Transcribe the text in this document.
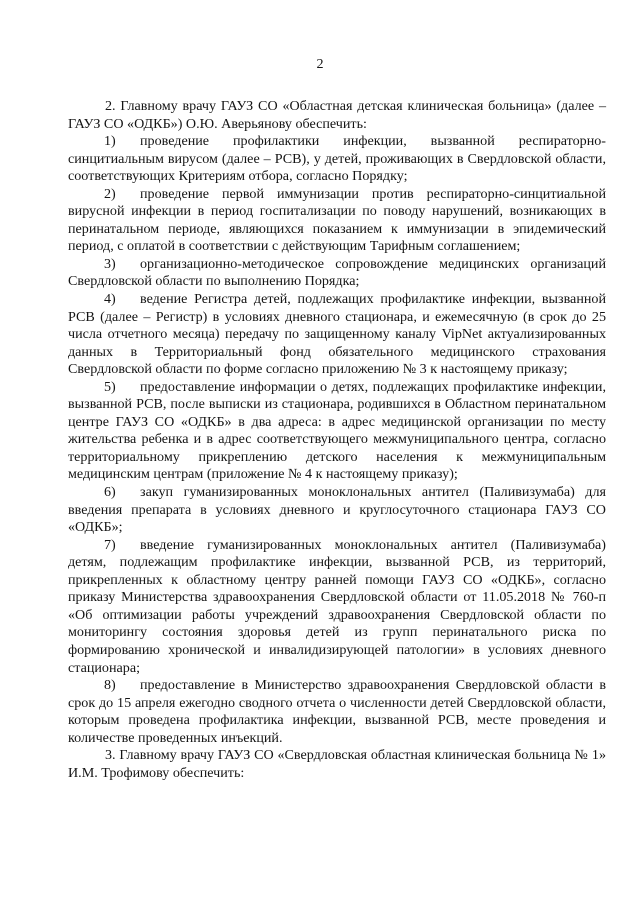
2

2. Главному врачу ГАУЗ СО «Областная детская клиническая больница» (далее – ГАУЗ СО «ОДКБ») О.Ю. Аверьянову обеспечить:

1) проведение профилактики инфекции, вызванной респираторно-синцитиальным вирусом (далее – РСВ), у детей, проживающих в Свердловской области, соответствующих Критериям отбора, согласно Порядку;

2) проведение первой иммунизации против респираторно-синцитиальной вирусной инфекции в период госпитализации по поводу нарушений, возникающих в перинатальном периоде, являющихся показанием к иммунизации в эпидемический период, с оплатой в соответствии с действующим Тарифным соглашением;

3) организационно-методическое сопровождение медицинских организаций Свердловской области по выполнению Порядка;

4) ведение Регистра детей, подлежащих профилактике инфекции, вызванной РСВ (далее – Регистр) в условиях дневного стационара, и ежемесячную (в срок до 25 числа отчетного месяца) передачу по защищенному каналу VipNet актуализированных данных в Территориальный фонд обязательного медицинского страхования Свердловской области по форме согласно приложению № 3 к настоящему приказу;

5) предоставление информации о детях, подлежащих профилактике инфекции, вызванной РСВ, после выписки из стационара, родившихся в Областном перинатальном центре ГАУЗ СО «ОДКБ» в два адреса: в адрес медицинской организации по месту жительства ребенка и в адрес соответствующего межмуниципального центра, согласно территориальному прикреплению детского населения к межмуниципальным медицинским центрам (приложение № 4 к настоящему приказу);

6) закуп гуманизированных моноклональных антител (Паливизумаба) для введения препарата в условиях дневного и круглосуточного стационара ГАУЗ СО «ОДКБ»;

7) введение гуманизированных моноклональных антител (Паливизумаба) детям, подлежащим профилактике инфекции, вызванной РСВ, из территорий, прикрепленных к областному центру ранней помощи ГАУЗ СО «ОДКБ», согласно приказу Министерства здравоохранения Свердловской области от 11.05.2018 № 760-п «Об оптимизации работы учреждений здравоохранения Свердловской области по мониторингу состояния здоровья детей из групп перинатального риска по формированию хронической и инвалидизирующей патологии» в условиях дневного стационара;

8) предоставление в Министерство здравоохранения Свердловской области в срок до 15 апреля ежегодно сводного отчета о численности детей Свердловской области, которым проведена профилактика инфекции, вызванной РСВ, месте проведения и количестве проведенных инъекций.

3. Главному врачу ГАУЗ СО «Свердловская областная клиническая больница № 1» И.М. Трофимову обеспечить:
